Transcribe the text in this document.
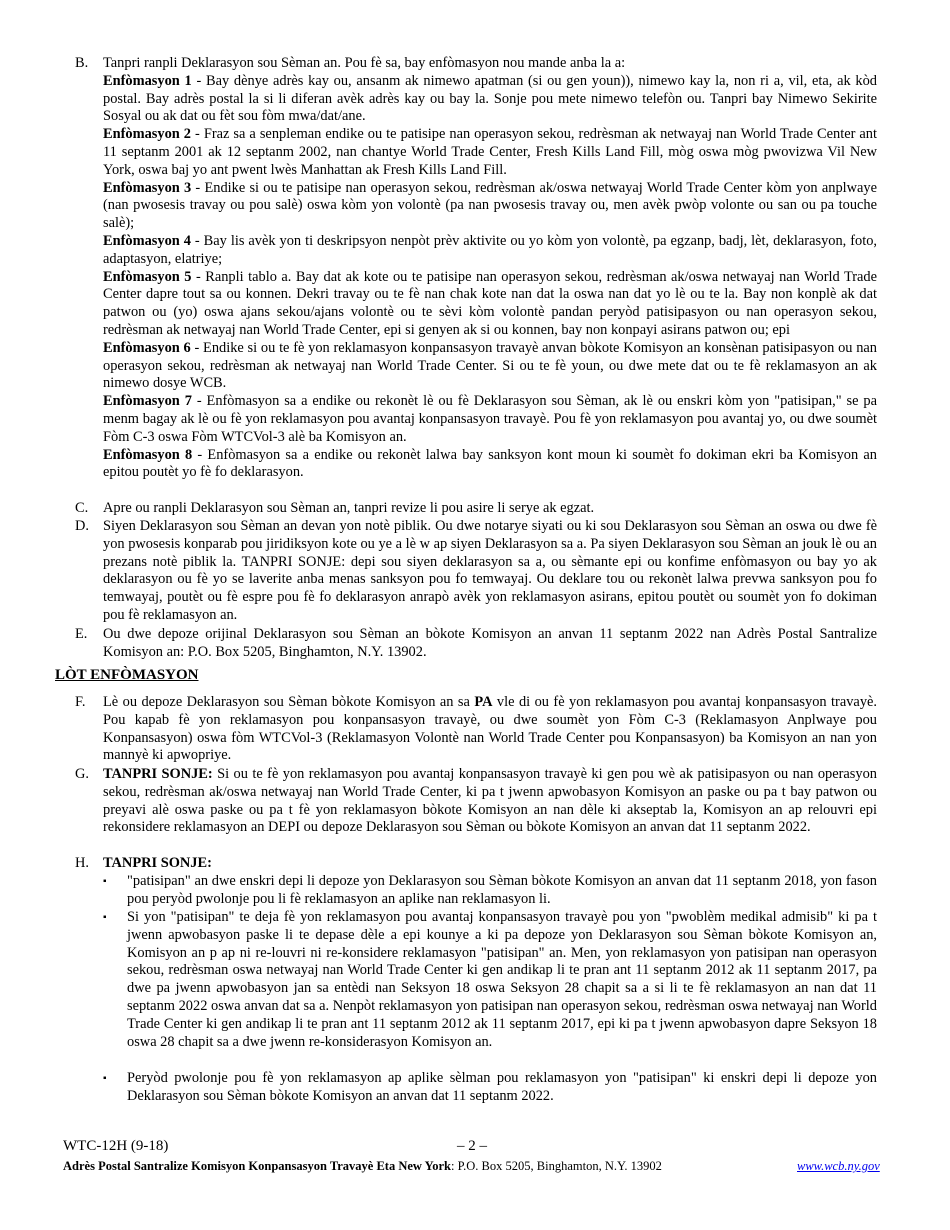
B.	Tanpri ranpli Deklarasyon sou Sèman an. Pou fè sa, bay enfòmasyon nou mande anba la a:
Enfòmasyon 1 - Bay dènye adrès kay ou, ansanm ak nimewo apatman (si ou gen youn)), nimewo kay la, non ri a, vil, eta, ak kòd postal. Bay adrès postal la si li diferan avèk adrès kay ou bay la. Sonje pou mete nimewo telefòn ou. Tanpri bay Nimewo Sekirite Sosyal ou ak dat ou fèt sou fòm mwa/dat/ane.
Enfòmasyon 2 - Fraz sa a senpleman endike ou te patisipe nan operasyon sekou, redrèsman ak netwayaj nan World Trade Center ant 11 septanm 2001 ak 12 septanm 2002, nan chantye World Trade Center, Fresh Kills Land Fill, mòg oswa mòg pwovizwa Vil New York, oswa baj yo ant pwent lwès Manhattan ak Fresh Kills Land Fill.
Enfòmasyon 3 - Endike si ou te patisipe nan operasyon sekou, redrèsman ak/oswa netwayaj World Trade Center kòm yon anplwaye (nan pwosesis travay ou pou salè) oswa kòm yon volontè (pa nan pwosesis travay ou, men avèk pwòp volonte ou san ou pa touche salè);
Enfòmasyon 4 - Bay lis avèk yon ti deskripsyon nenpòt prèv aktivite ou yo kòm yon volontè, pa egzanp, badj, lèt, deklarasyon, foto, adaptasyon, elatriye;
Enfòmasyon 5 - Ranpli tablo a. Bay dat ak kote ou te patisipe nan operasyon sekou, redrèsman ak/oswa netwayaj nan World Trade Center dapre tout sa ou konnen. Dekri travay ou te fè nan chak kote nan dat la oswa nan dat yo lè ou te la. Bay non konplè ak dat patwon ou (yo) oswa ajans sekou/ajans volontè ou te sèvi kòm volontè pandan peryòd patisipasyon ou nan operasyon sekou, redrèsman ak netwayaj nan World Trade Center, epi si genyen ak si ou konnen, bay non konpayi asirans patwon ou; epi
Enfòmasyon 6 - Endike si ou te fè yon reklamasyon konpansasyon travayè anvan bòkote Komisyon an konsènan patisipasyon ou nan operasyon sekou, redrèsman ak netwayaj nan World Trade Center. Si ou te fè youn, ou dwe mete dat ou te fè reklamasyon an ak nimewo dosye WCB.
Enfòmasyon 7 - Enfòmasyon sa a endike ou rekonèt lè ou fè Deklarasyon sou Sèman, ak lè ou enskri kòm yon "patisipan," se pa menm bagay ak lè ou fè yon reklamasyon pou avantaj konpansasyon travayè. Pou fè yon reklamasyon pou avantaj yo, ou dwe soumèt Fòm C-3 oswa Fòm WTCVol-3 alè ba Komisyon an.
Enfòmasyon 8 - Enfòmasyon sa a endike ou rekonèt lalwa bay sanksyon kont moun ki soumèt fo dokiman ekri ba Komisyon an epitou poutèt yo fè fo deklarasyon.
C.	Apre ou ranpli Deklarasyon sou Sèman an, tanpri revize li pou asire li serye ak egzat.
D. Siyen Deklarasyon sou Sèman an devan yon notè piblik. Ou dwe notarye siyati ou ki sou Deklarasyon sou Sèman an oswa ou dwe fè yon pwosesis konparab pou jiridiksyon kote ou ye a lè w ap siyen Deklarasyon sa a. Pa siyen Deklarasyon sou Sèman an jouk lè ou an prezans notè piblik la. TANPRI SONJE: depi sou siyen deklarasyon sa a, ou sèmante epi ou konfime enfòmasyon ou bay yo ak deklarasyon ou fè yo se laverite anba menas sanksyon pou fo temwayaj. Ou deklare tou ou rekonèt lalwa prevwa sanksyon pou fo temwayaj, poutèt ou fè espre pou fè fo deklarasyon anrapò avèk yon reklamasyon asirans, epitou poutèt ou soumèt yon fo dokiman pou fè reklamasyon an.
E.	Ou dwe depoze orijinal Deklarasyon sou Sèman an bòkote Komisyon an anvan 11 septanm 2022 nan Adrès Postal Santralize Komisyon an: P.O. Box 5205, Binghamton, N.Y. 13902.
LÒT ENFÒMASYON
F.	Lè ou depoze Deklarasyon sou Sèman bòkote Komisyon an sa PA vle di ou fè yon reklamasyon pou avantaj konpansasyon travayè. Pou kapab fè yon reklamasyon pou konpansasyon travayè, ou dwe soumèt yon Fòm C-3 (Reklamasyon Anplwaye pou Konpansasyon) oswa fòm WTCVol-3 (Reklamasyon Volontè nan World Trade Center pou Konpansasyon) ba Komisyon an nan yon mannyè ki apwopriye.
G. TANPRI SONJE: Si ou te fè yon reklamasyon pou avantaj konpansasyon travayè ki gen pou wè ak patisipasyon ou nan operasyon sekou, redrèsman ak/oswa netwayaj nan World Trade Center, ki pa t jwenn apwobasyon Komisyon an paske ou pa t bay patwon ou preyavi alè oswa paske ou pa t fè yon reklamasyon bòkote Komisyon an nan dèle ki akseptab la, Komisyon an ap relouvri epi rekonsidere reklamasyon an DEPI ou depoze Deklarasyon sou Sèman ou bòkote Komisyon an anvan dat 11 septanm 2022.
H. TANPRI SONJE:
▪	"patisipan" an dwe enskri depi li depoze yon Deklarasyon sou Sèman bòkote Komisyon an anvan dat 11 septanm 2018, yon fason pou peryòd pwolonje pou li fè reklamasyon an aplike nan reklamasyon li.
▪	Si yon "patisipan" te deja fè yon reklamasyon pou avantaj konpansasyon travayè pou yon "pwoblèm medikal admisib" ki pa t jwenn apwobasyon paske li te depase dèle a epi kounye a ki pa depoze yon Deklarasyon sou Sèman bòkote Komisyon an, Komisyon an p ap ni re-louvri ni re-konsidere reklamasyon "patisipan" an. Men, yon reklamasyon yon patisipan nan operasyon sekou, redrèsman oswa netwayaj nan World Trade Center ki gen andikap li te pran ant 11 septanm 2012 ak 11 septanm 2017, pa dwe pa jwenn apwobasyon jan sa entèdi nan Seksyon 18 oswa Seksyon 28 chapit sa a si li te fè reklamasyon an nan dat 11 septanm 2022 oswa anvan dat sa a. Nenpòt reklamasyon yon patisipan nan operasyon sekou, redrèsman oswa netwayaj nan World Trade Center ki gen andikap li te pran ant 11 septanm 2012 ak 11 septanm 2017, epi ki pa t jwenn apwobasyon dapre Seksyon 18 oswa 28 chapit sa a dwe jwenn re-konsiderasyon Komisyon an.
▪	Peryòd pwolonje pou fè yon reklamasyon ap aplike sèlman pou reklamasyon yon "patisipan" ki enskri depi li depoze yon Deklarasyon sou Sèman bòkote Komisyon an anvan dat 11 septanm 2022.
WTC-12H (9-18)	– 2 –
Adrès Postal Santralize Komisyon Konpansasyon Travayè Eta New York: P.O. Box 5205, Binghamton, N.Y. 13902	www.wcb.ny.gov
